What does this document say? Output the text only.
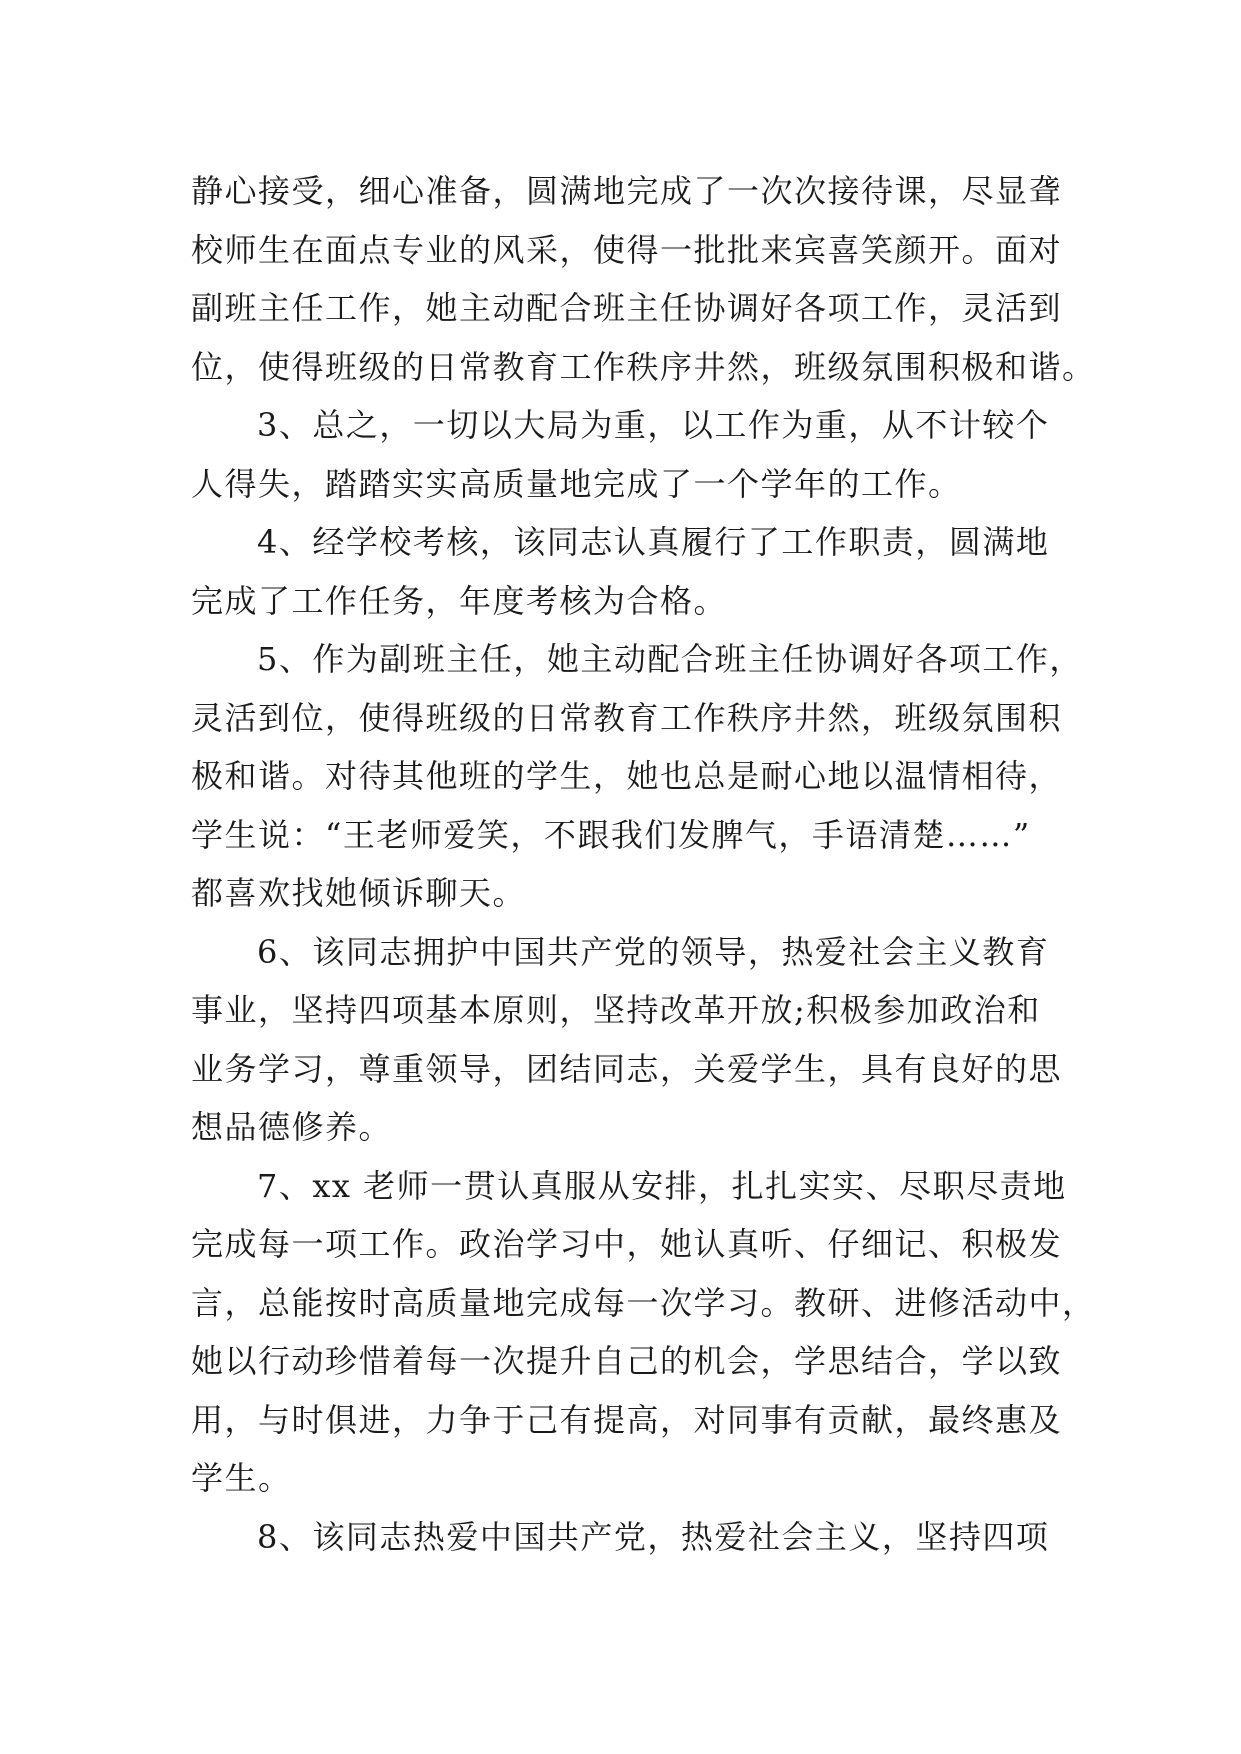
静心接受，细心准备，圆满地完成了一次次接待课，尽显聋
校师生在面点专业的风采，使得一批批来宾喜笑颜开。面对
副班主任工作，她主动配合班主任协调好各项工作，灵活到
位，使得班级的日常教育工作秩序井然，班级氛围积极和谐。

3、总之，一切以大局为重，以工作为重，从不计较个
人得失，踏踏实实高质量地完成了一个学年的工作。

4、经学校考核，该同志认真履行了工作职责，圆满地
完成了工作任务，年度考核为合格。

5、作为副班主任，她主动配合班主任协调好各项工作，
灵活到位，使得班级的日常教育工作秩序井然，班级氛围积
极和谐。对待其他班的学生，她也总是耐心地以温情相待，
学生说：“王老师爱笑，不跟我们发脾气，手语清楚……”
都喜欢找她倾诉聊天。

6、该同志拥护中国共产党的领导，热爱社会主义教育
事业，坚持四项基本原则，坚持改革开放;积极参加政治和
业务学习，尊重领导，团结同志，关爱学生，具有良好的思
想品德修养。

7、xx 老师一贯认真服从安排，扎扎实实、尽职尽责地
完成每一项工作。政治学习中，她认真听、仔细记、积极发
言，总能按时高质量地完成每一次学习。教研、进修活动中，
她以行动珍惜着每一次提升自己的机会，学思结合，学以致
用，与时俱进，力争于己有提高，对同事有贡献，最终惠及
学生。

8、该同志热爱中国共产党，热爱社会主义，坚持四项
